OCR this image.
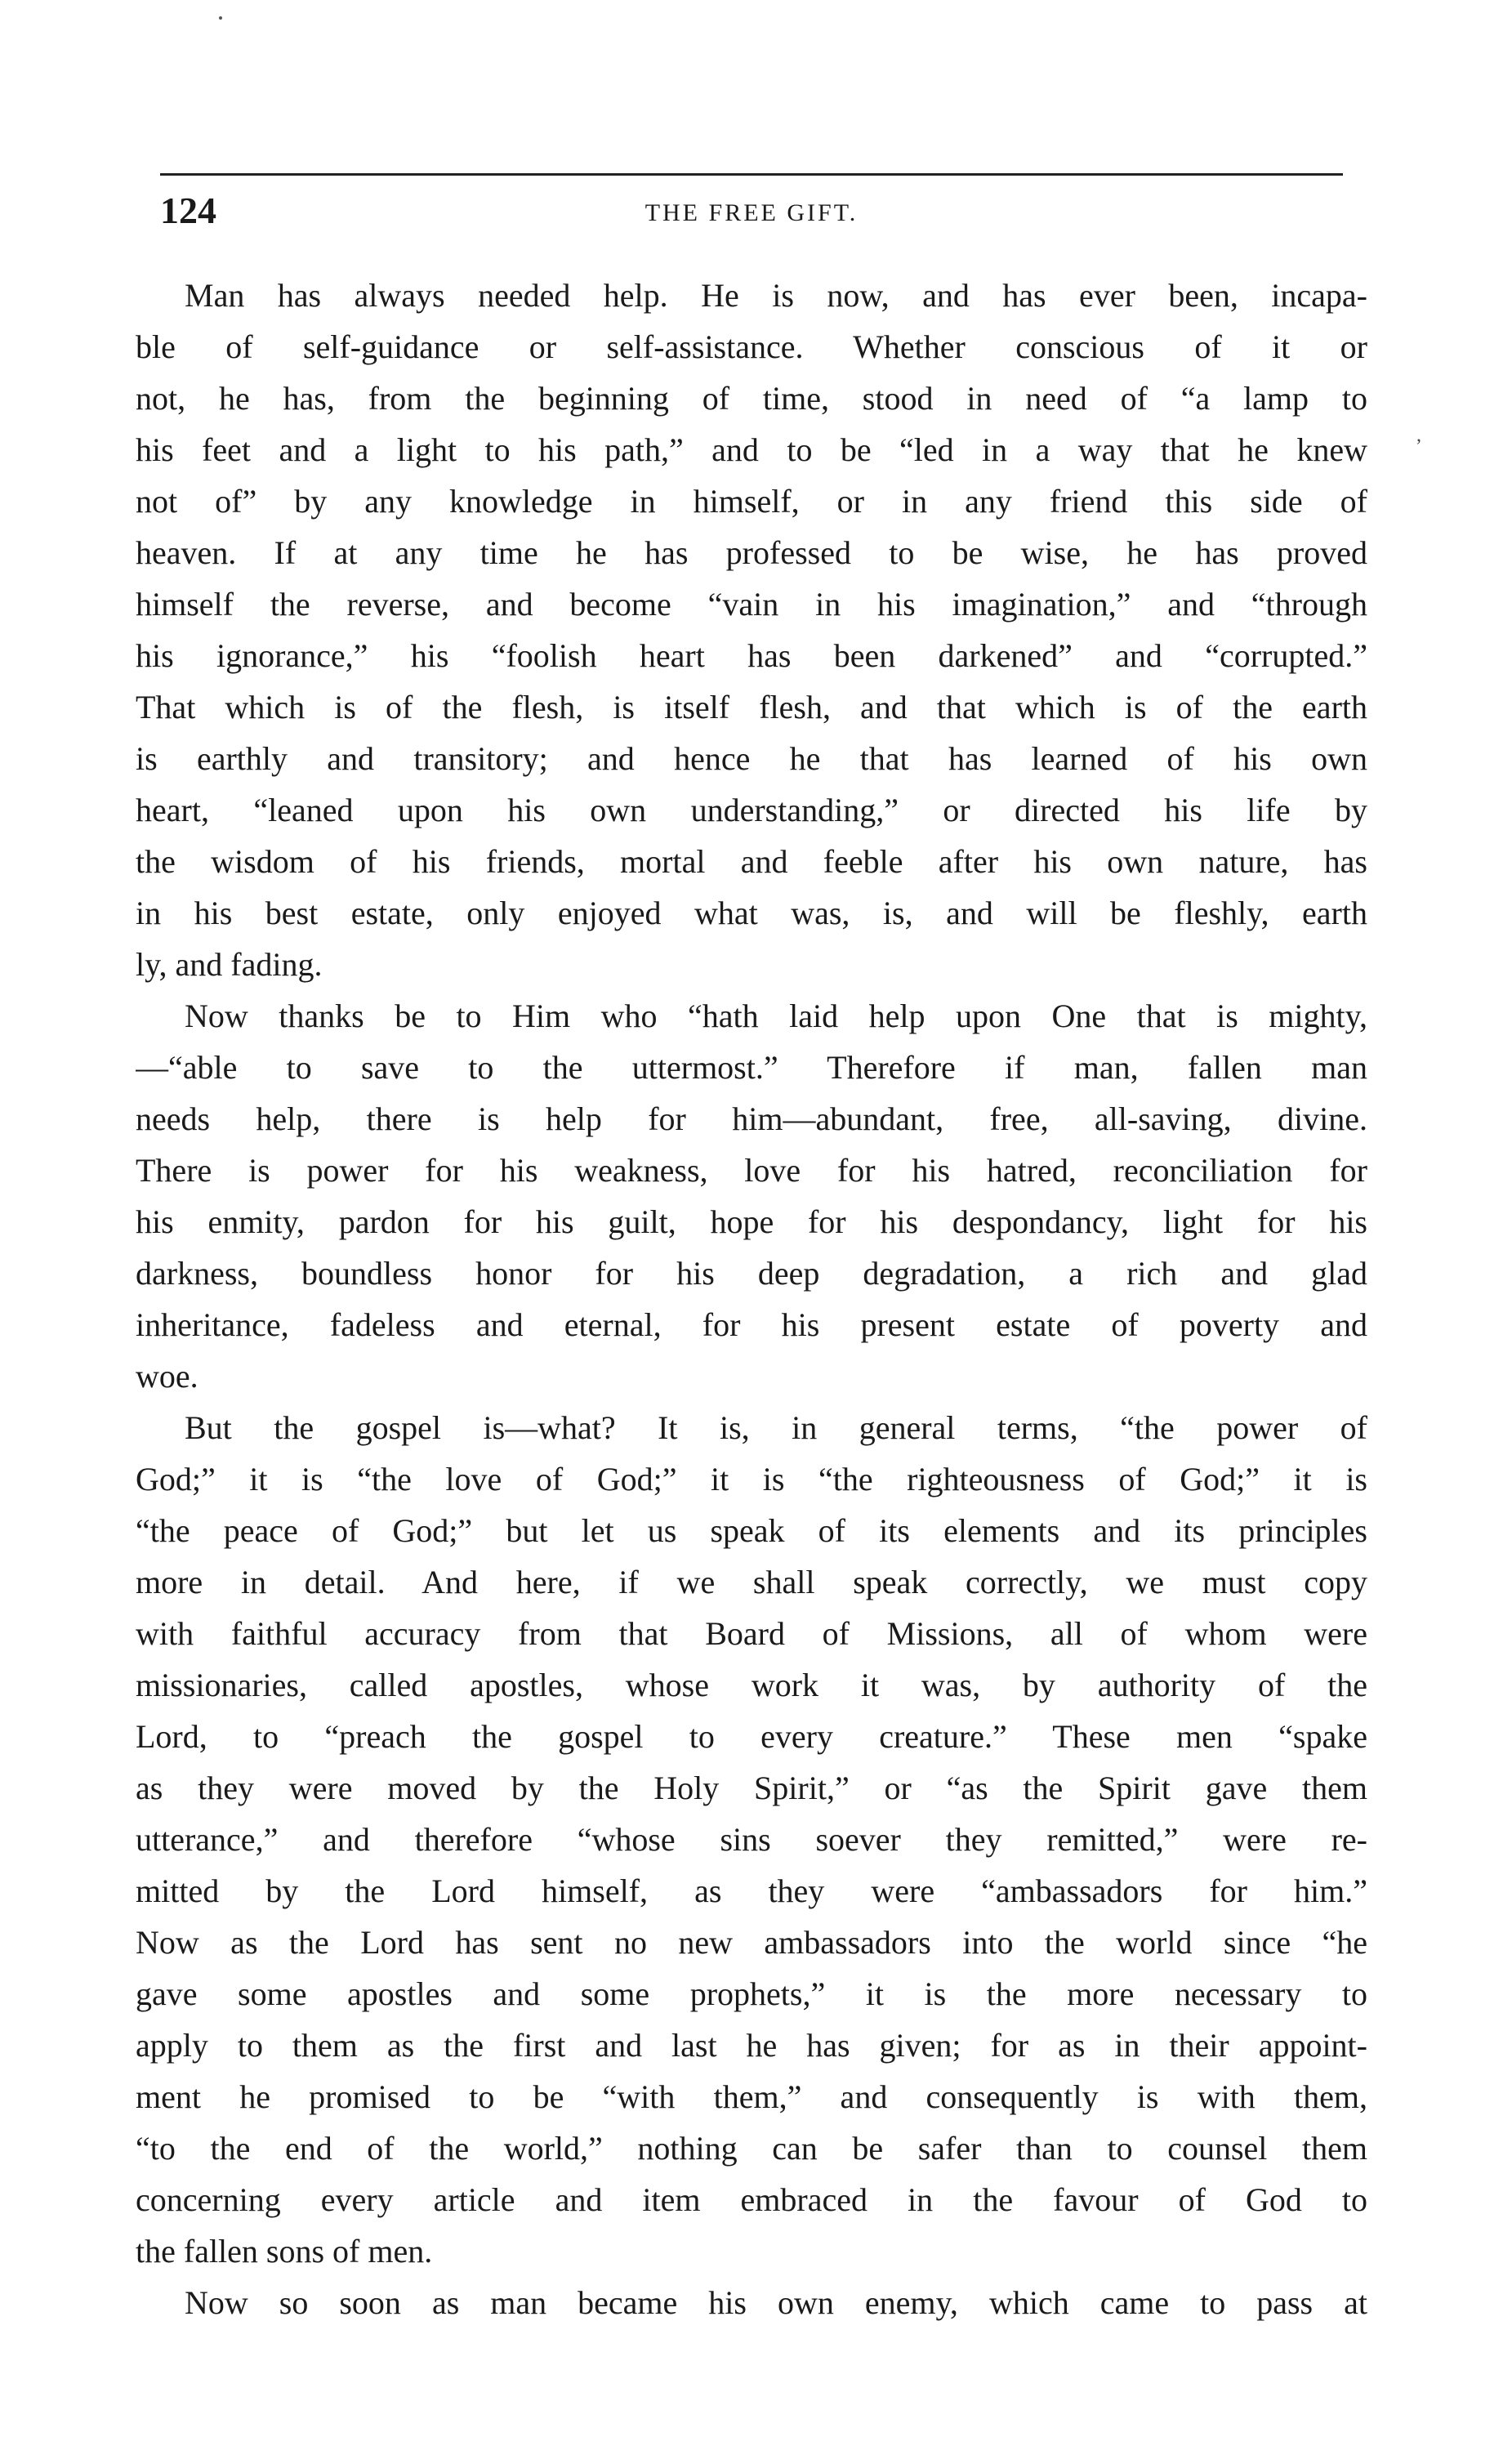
124	THE FREE GIFT.
,
Man has always needed help. He is now, and has ever been, incapa-
ble of self-guidance or self-assistance. Whether conscious of it or
not, he has, from the beginning of time, stood in need of “a lamp to
his feet and a light to his path,” and to be “led in a way that he knew
not of” by any knowledge in himself, or in any friend this side of
heaven. If at any time he has professed to be wise, he has proved
himself the reverse, and become “vain in his imagination,” and “through
his ignorance,” his “foolish heart has been darkened” and “corrupted.”
That which is of the flesh, is itself flesh, and that which is of the earth
is earthly and transitory; and hence he that has learned of his own
heart, “leaned upon his own understanding,” or directed his life by
the wisdom of his friends, mortal and feeble after his own nature, has
in his best estate, only enjoyed what was, is, and will be fleshly, earth
ly, and fading.
Now thanks be to Him who “hath laid help upon One that is mighty,
—“able to save to the uttermost.” Therefore if man, fallen man
needs help, there is help for him—abundant, free, all-saving, divine.
There is power for his weakness, love for his hatred, reconciliation for
his enmity, pardon for his guilt, hope for his despondancy, light for his
darkness, boundless honor for his deep degradation, a rich and glad
inheritance, fadeless and eternal, for his present estate of poverty and
woe.
But the gospel is—what? It is, in general terms, “the power of
God;” it is “the love of God;” it is “the righteousness of God;” it is
“the peace of God;” but let us speak of its elements and its principles
more in detail. And here, if we shall speak correctly, we must copy
with faithful accuracy from that Board of Missions, all of whom were
missionaries, called apostles, whose work it was, by authority of the
Lord, to “preach the gospel to every creature.” These men “spake
as they were moved by the Holy Spirit,” or “as the Spirit gave them
utterance,” and therefore “whose sins soever they remitted,” were re-
mitted by the Lord himself, as they were “ambassadors for him.”
Now as the Lord has sent no new ambassadors into the world since “he
gave some apostles and some prophets,” it is the more necessary to
apply to them as the first and last he has given; for as in their appoint-
ment he promised to be “with them,” and consequently is with them,
“to the end of the world,” nothing can be safer than to counsel them
concerning every article and item embraced in the favour of God to
the fallen sons of men.
Now so soon as man became his own enemy, which came to pass at
